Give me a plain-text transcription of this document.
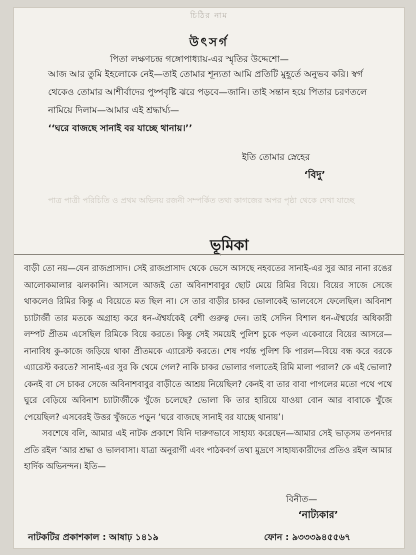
চিঠির নাম
উৎসর্গ
পিতা লক্ষণচন্দ্র গঙ্গোপাধ্যায়-এর স্মৃতির উদ্দেশো—
আজ আর তুমি ইহলোকে নেই—তাই তোমার শূন্যতা আমি প্রতিটি মুহূর্তে অনুভব করি। স্বর্গ থেকেও তোমার আশীর্বাদের পুষ্পবৃষ্টি ঝরে পড়বে—জানি। তাই সন্তান হয়ে পিতার চরণতলে নামিয়ে দিলাম—আমার এই শ্রদ্ধার্ঘ্য—
‘‘ঘরে বাজছে সানাই বর যাচ্ছে থানায়।’’
ইতি তোমার স্নেহের
‘বিদু’
পাত্র পাত্রী পরিচিতি ও প্রথম অভিনয় রজনী সম্পর্কিত তথ্য কাগজের অপর পৃষ্ঠা থেকে দেখা যাচ্ছে
ভূমিকা

বাড়ী তো নয়—যেন রাজপ্রাসাদ। সেই রাজপ্রাসাদ থেকে ভেসে আসছে নহবতের সানাই-এর সুর আর নানা রঙের আলোকমালার ঝলকানি। আসলে আজই তো অবিনাশবাবুর ছোট মেয়ে রিমির বিয়ে। বিয়ের সাজে সেজে থাকলেও রিমির কিন্তু এ বিয়েতে মত ছিল না। সে তার বাড়ীর চাকর ভোলাকেই ভালবেসে ফেলেছিল। অবিনাশ চ্যাটার্জী তার মতকে অগ্রাহ্য করে ধন-ঐশ্বর্যকেই বেশী গুরুত্ব দেন। তাই সেদিন বিশাল ধন-ঐশ্বর্যের অধিকারী লম্পট প্রীতম এসেছিল রিমিকে বিয়ে করতে। কিন্তু সেই সময়েই পুলিশ চুকে পড়ল একেবারে বিয়ের আসরে—নানাবিধ কু-কাজে জড়িয়ে থাকা প্রীতমকে এ্যারেস্ট করতে। শেষ পর্যন্ত পুলিশ কি পারল—বিয়ে বন্ধ করে বরকে এ্যারেস্ট করতে? সানাই-এর সুর কি থেমে গেল? নাকি চাকর ভোলার গলাতেই রিমি মালা পরাল? কে এই ভোলা? কেনই বা সে চাকর সেজে অবিনাশবাবুর বাড়ীতে আশ্রয় নিয়েছিল? কেনই বা তার বাবা পাগলের মতো পথে পথে ঘুরে বেড়িয়ে অবিনাশ চ্যাটার্জীকে খুঁজে চলেছে? ভোলা কি তার হারিয়ে যাওয়া বোন আর বাবাকে খুঁজে পেয়েছিল? এসবেরই উত্তর খুঁজতে পড়ুন ‘ঘরে বাজছে সানাই বর যাচ্ছে থানায়’।

সবশেষে বলি, আমার এই নাটক প্রকাশে যিনি দারুণভাবে সাহায্য করেছেন—আমার সেই ভাতৃসম তপনদার প্রতি রইল ‘আর শ্রদ্ধা ও ভালবাসা। যাত্রা অনুরাগী এবং পাঠকবর্গ তথা মুদ্রণে সাহায্যকারীদের প্রতিও রইল আমার হার্দিক অভিনন্দন। ইতি—

বিনীত—
‘নাট্যকার’
নাটকটির প্রকাশকাল : আষাঢ় ১৪১৯	ফোন : ৯৩৩৩৯৪৫৫৬৭
